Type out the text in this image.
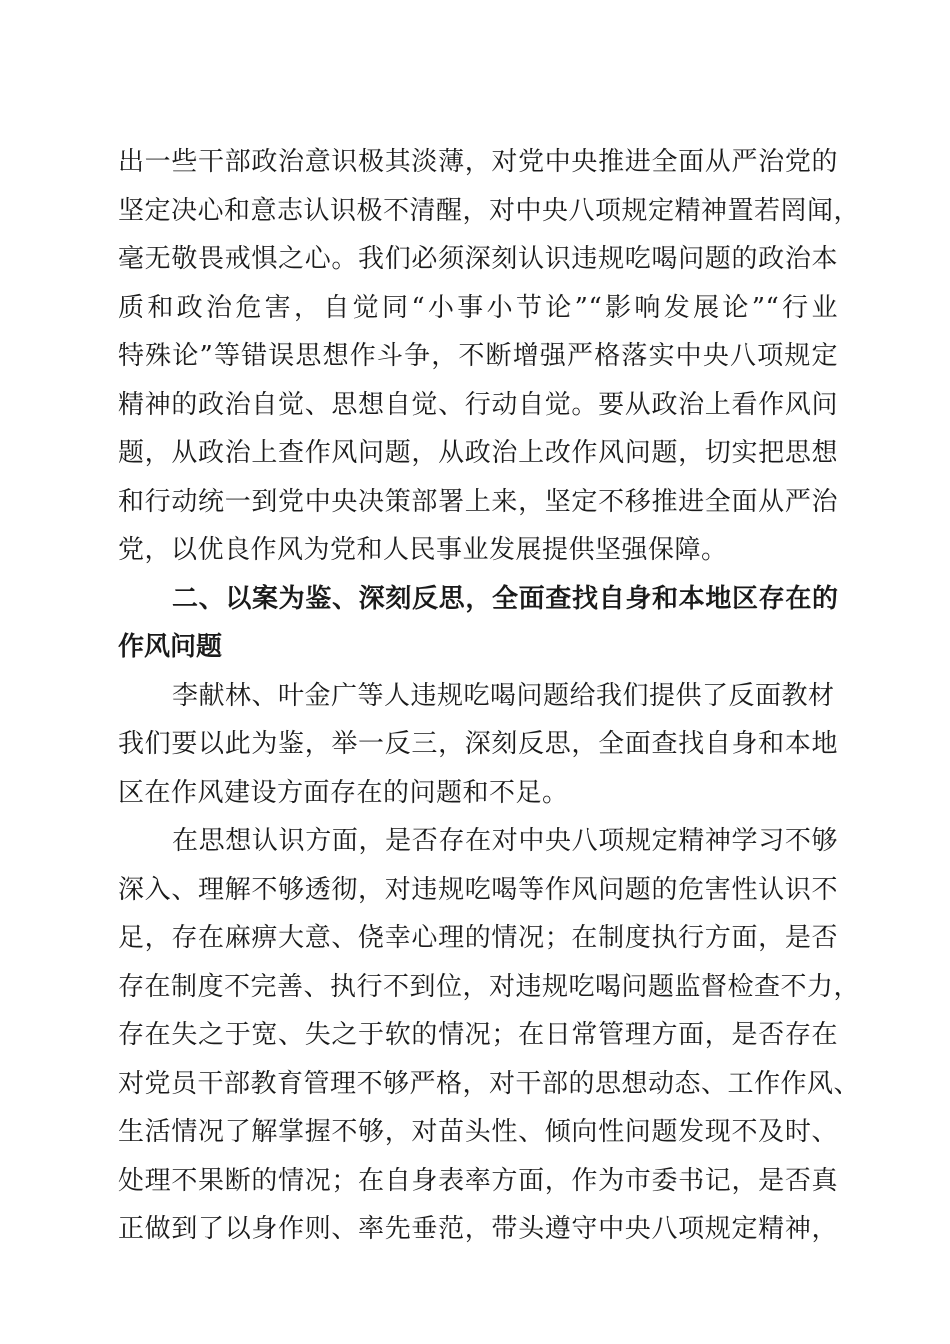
出一些干部政治意识极其淡薄，对党中央推进全面从严治党的
坚定决心和意志认识极不清醒，对中央八项规定精神置若罔闻，
毫无敬畏戒惧之心。我们必须深刻认识违规吃喝问题的政治本
质和政治危害，自觉同“小事小节论”“影响发展论”“行业
特殊论”等错误思想作斗争，不断增强严格落实中央八项规定
精神的政治自觉、思想自觉、行动自觉。要从政治上看作风问
题，从政治上查作风问题，从政治上改作风问题，切实把思想
和行动统一到党中央决策部署上来，坚定不移推进全面从严治
党，以优良作风为党和人民事业发展提供坚强保障。
二、以案为鉴、深刻反思，全面查找自身和本地区存在的
作风问题
李献林、叶金广等人违规吃喝问题给我们提供了反面教材
我们要以此为鉴，举一反三，深刻反思，全面查找自身和本地
区在作风建设方面存在的问题和不足。
在思想认识方面，是否存在对中央八项规定精神学习不够
深入、理解不够透彻，对违规吃喝等作风问题的危害性认识不
足，存在麻痹大意、侥幸心理的情况；在制度执行方面，是否
存在制度不完善、执行不到位，对违规吃喝问题监督检查不力，
存在失之于宽、失之于软的情况；在日常管理方面，是否存在
对党员干部教育管理不够严格，对干部的思想动态、工作作风、
生活情况了解掌握不够，对苗头性、倾向性问题发现不及时、
处理不果断的情况；在自身表率方面，作为市委书记，是否真
正做到了以身作则、率先垂范，带头遵守中央八项规定精神，
